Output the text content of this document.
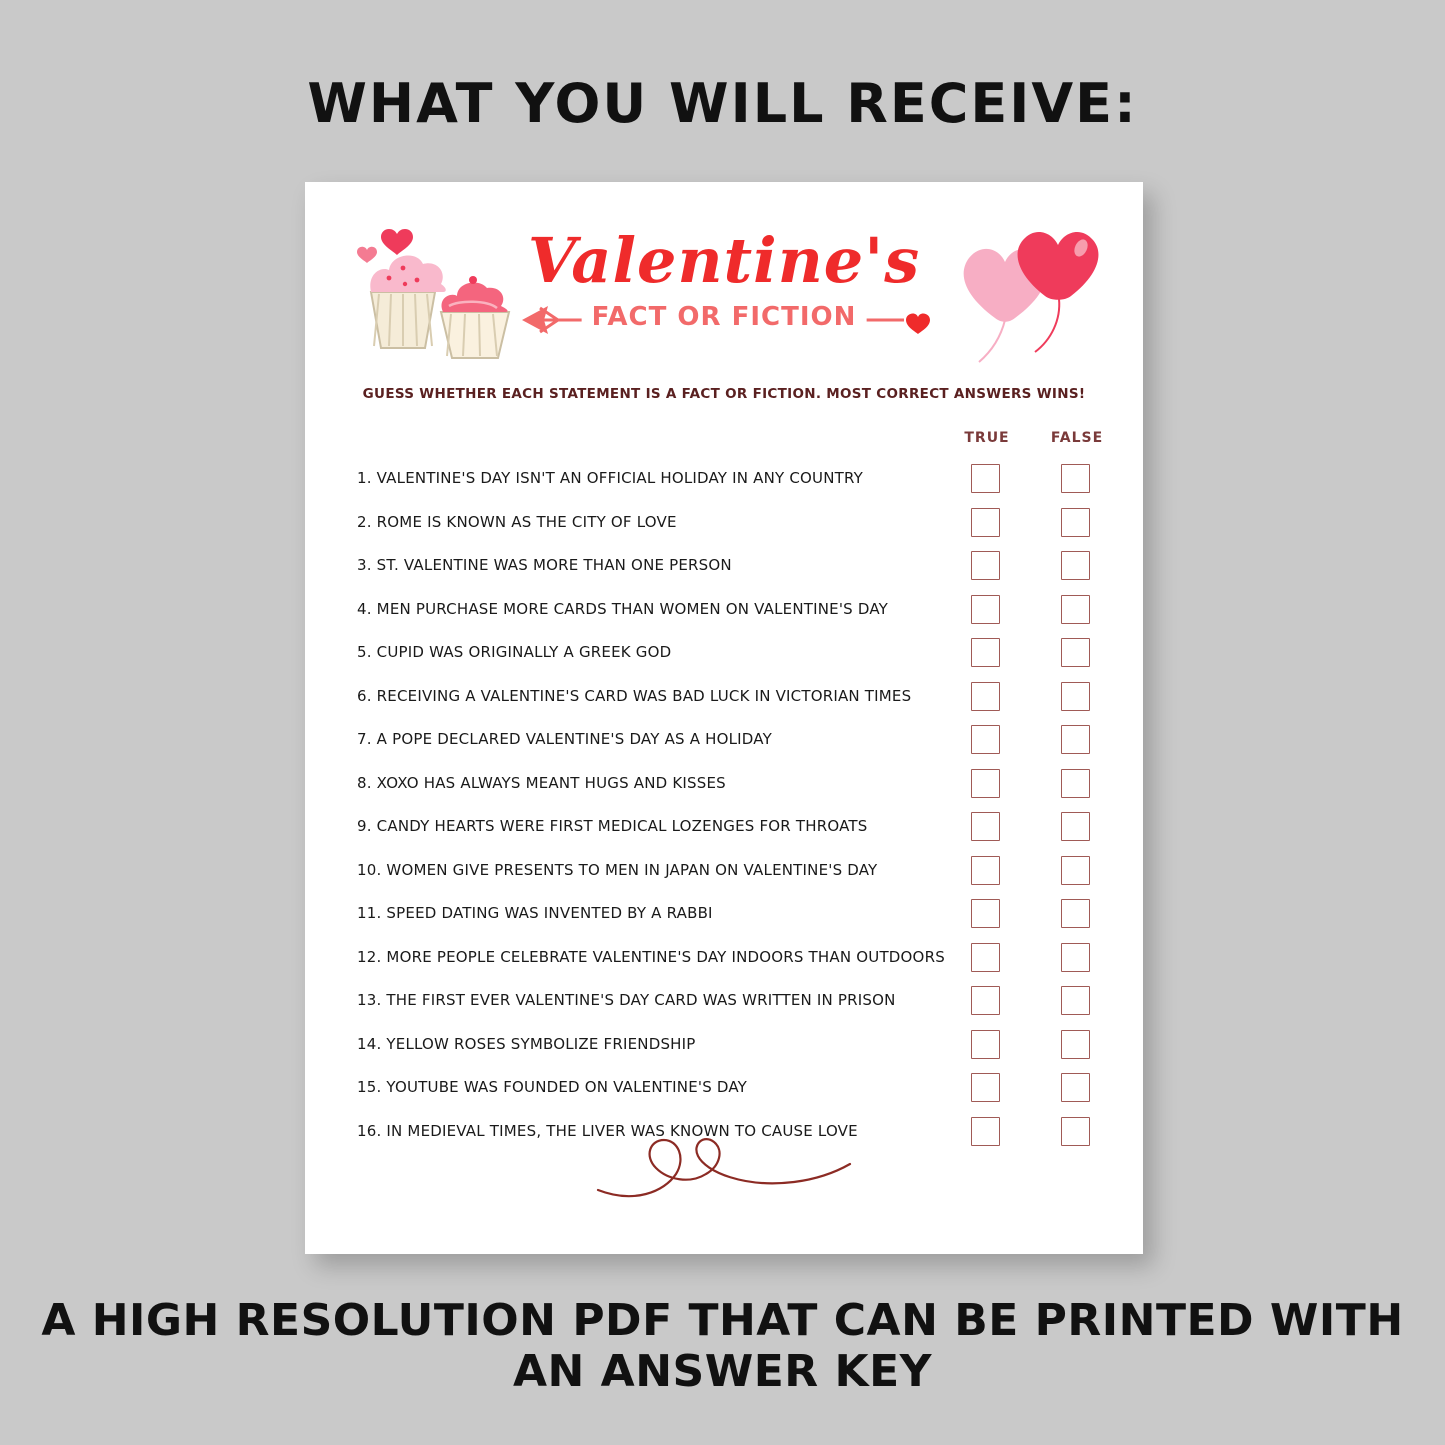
WHAT YOU WILL RECEIVE:
Valentine's
FACT OR FICTION
GUESS WHETHER EACH STATEMENT IS A FACT OR FICTION. MOST CORRECT ANSWERS WINS!
TRUE	FALSE
1. VALENTINE'S DAY ISN'T AN OFFICIAL HOLIDAY IN ANY COUNTRY
2. ROME IS KNOWN AS THE CITY OF LOVE
3. ST. VALENTINE WAS MORE THAN ONE PERSON
4. MEN PURCHASE MORE CARDS THAN WOMEN ON VALENTINE'S DAY
5. CUPID WAS ORIGINALLY A GREEK GOD
6. RECEIVING A VALENTINE'S CARD WAS BAD LUCK IN VICTORIAN TIMES
7. A POPE DECLARED VALENTINE'S DAY AS A HOLIDAY
8. XOXO HAS ALWAYS MEANT HUGS AND KISSES
9. CANDY HEARTS WERE FIRST MEDICAL LOZENGES FOR THROATS
10. WOMEN GIVE PRESENTS TO MEN IN JAPAN ON VALENTINE'S DAY
11. SPEED DATING WAS INVENTED BY A RABBI
12. MORE PEOPLE CELEBRATE VALENTINE'S DAY INDOORS THAN OUTDOORS
13. THE FIRST EVER VALENTINE'S DAY CARD WAS WRITTEN IN PRISON
14. YELLOW ROSES SYMBOLIZE FRIENDSHIP
15. YOUTUBE WAS FOUNDED ON VALENTINE'S DAY
16. IN MEDIEVAL TIMES, THE LIVER WAS KNOWN TO CAUSE LOVE
A HIGH RESOLUTION PDF THAT CAN BE PRINTED WITH AN ANSWER KEY
